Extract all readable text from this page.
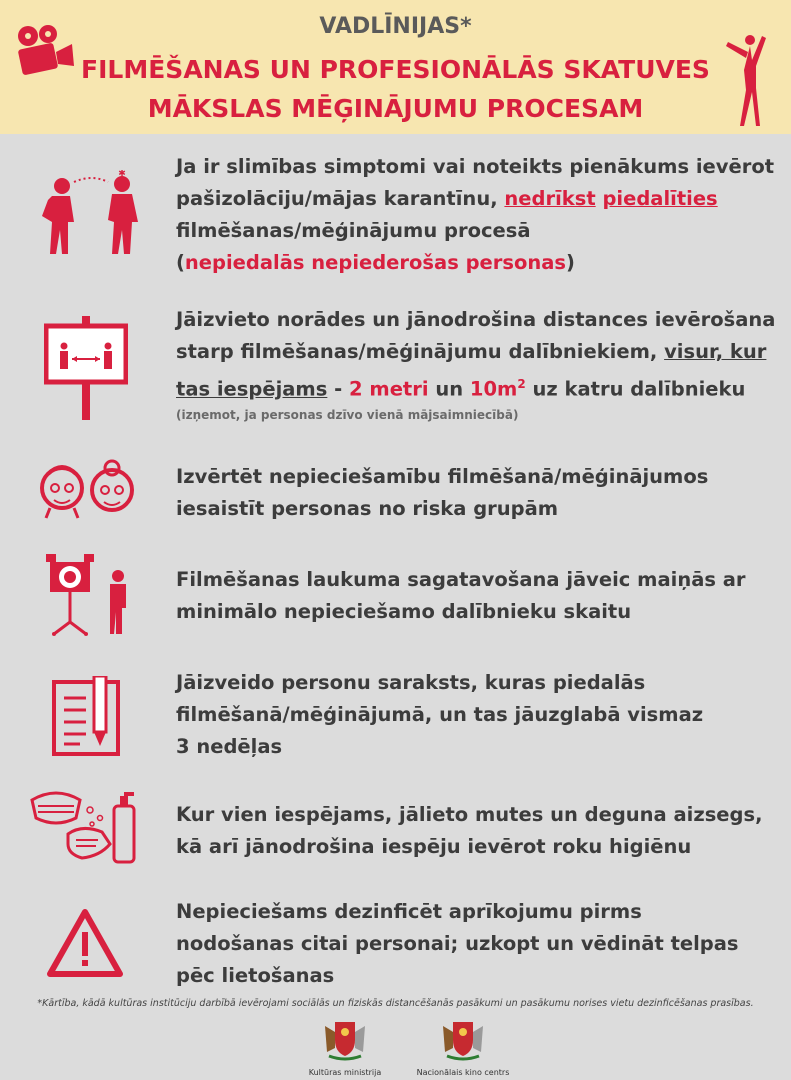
VADLĪNIJAS*
FILMĒŠANAS UN PROFESIONĀLĀS SKATUVES
MĀKSLAS MĒĢINĀJUMU PROCESAM
✱	Ja ir slimības simptomi vai noteikts pienākums ievērot
pašizolāciju/mājas karantīnu, nedrīkst piedalīties
filmēšanas/mēģinājumu procesā
(nepiedalās nepiederošas personas)
Jāizvieto norādes un jānodrošina distances ievērošana
starp filmēšanas/mēģinājumu dalībniekiem, visur, kur
tas iespējams - 2 metri un $10m^2$ uz katru dalībnieku
(izņemot, ja personas dzīvo vienā mājsaimniecībā)
Izvērtēt nepieciešamību filmēšanā/mēģinājumos
iesaistīt personas no riska grupām
Filmēšanas laukuma sagatavošana jāveic maiņās ar
minimālo nepieciešamo dalībnieku skaitu
Jāizveido personu saraksts, kuras piedalās
filmēšanā/mēģinājumā, un tas jāuzglabā vismaz
3 nedēļas
Kur vien iespējams, jālieto mutes un deguna aizsegs,
kā arī jānodrošina iespēju ievērot roku higiēnu
Nepieciešams dezinficēt aprīkojumu pirms
nodošanas citai personai; uzkopt un vēdināt telpas
pēc lietošanas
*Kārtība, kādā kultūras institūciju darbībā ievērojami sociālās un fiziskās distancēšanās pasākumi un pasākumu norises vietu dezinficēšanas prasības.
Kultūras ministrija	Nacionālais kino centrs
